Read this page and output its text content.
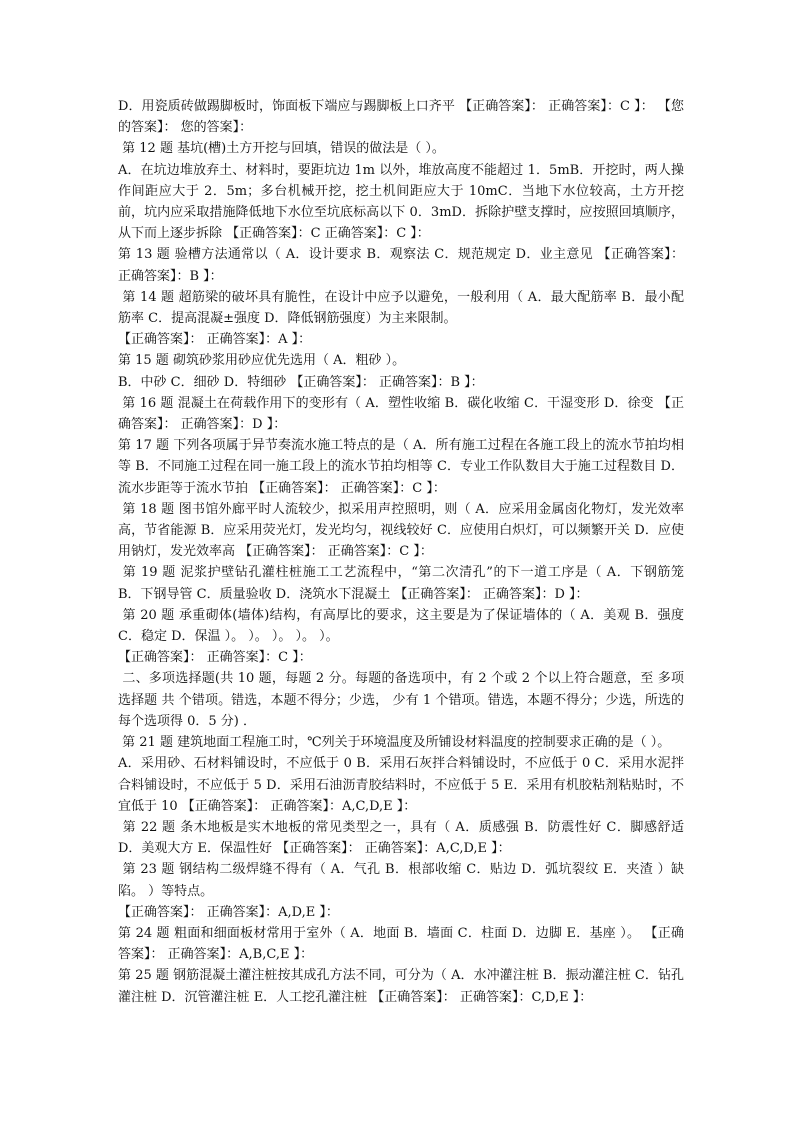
D．用瓷质砖做踢脚板时，饰面板下端应与踢脚板上口齐平 【正确答案】： 正确答案】：C 】： 【您的答案】： 您的答案】：

第 12 题 基坑(槽)土方开挖与回填，错误的做法是（ ）。

A．在坑边堆放弃土、材料时，要距坑边 1m 以外，堆放高度不能超过 1．5mB．开挖时，两人操作间距应大于 2．5m；多台机械开挖，挖土机间距应大于 10mC．当地下水位较高，土方开挖前，坑内应采取措施降低地下水位至坑底标高以下 0．3mD．拆除护壁支撑时，应按照回填顺序，从下而上逐步拆除 【正确答案】：C 正确答案】：C 】：

第 13 题 验槽方法通常以（ A．设计要求 B．观察法 C．规范规定 D．业主意见 【正确答案】： 正确答案】：B 】：

第 14 题 超筋梁的破坏具有脆性，在设计中应予以避免，一般利用（ A．最大配筋率 B．最小配筋率 C．提高混凝±强度 D．降低钢筋强度）为主来限制。

【正确答案】： 正确答案】：A 】：

第 15 题 砌筑砂浆用砂应优先选用（ A．粗砂 ）。

B．中砂 C．细砂 D．特细砂 【正确答案】： 正确答案】：B 】：

第 16 题 混凝土在荷载作用下的变形有（ A．塑性收缩 B．碳化收缩 C．干湿变形 D．徐变 【正确答案】： 正确答案】：D 】：

第 17 题 下列各项属于异节奏流水施工特点的是（ A．所有施工过程在各施工段上的流水节拍均相等 B．不同施工过程在同一施工段上的流水节拍均相等 C．专业工作队数目大于施工过程数目 D．流水步距等于流水节拍 【正确答案】： 正确答案】：C 】：

第 18 题 图书馆外廊平时人流较少，拟采用声控照明，则（ A．应采用金属卤化物灯，发光效率高，节省能源 B．应采用荧光灯，发光均匀，视线较好 C．应使用白炽灯，可以频繁开关 D．应使用钠灯，发光效率高 【正确答案】： 正确答案】：C 】：

第 19 题 泥浆护壁钻孔灌柱桩施工工艺流程中，“第二次清孔”的下一道工序是（ A．下钢筋笼 B．下钢导管 C．质量验收 D．浇筑水下混凝土 【正确答案】： 正确答案】：D 】：

第 20 题 承重砌体(墙体)结构，有高厚比的要求，这主要是为了保证墙体的（ A．美观 B．强度 C．稳定 D．保温 ）。 ）。 ）。 ）。 ）。

【正确答案】： 正确答案】：C 】：

二、多项选择题(共 10 题，每题 2 分。每题的备选项中，有 2 个或 2 个以上符合题意，至 多项选择题 共 个错项。错选，本题不得分；少选， 少有 1 个错项。错选，本题不得分；少选，所选的每个选项得 0．5 分) ．

第 21 题 建筑地面工程施工时，℃列关于环境温度及所铺设材料温度的控制要求正确的是（ ）。

A．采用砂、石材料铺设时，不应低于 0 B．采用石灰拌合料铺设时，不应低于 0 C．采用水泥拌合料铺设时，不应低于 5 D．采用石油沥青胶结料时，不应低于 5 E．采用有机胶粘剂粘贴时，不宜低于 10 【正确答案】： 正确答案】：A,C,D,E 】：

第 22 题 条木地板是实木地板的常见类型之一，具有（ A．质感强 B．防震性好 C．脚感舒适 D．美观大方 E．保温性好 【正确答案】： 正确答案】：A,C,D,E 】：

第 23 题 钢结构二级焊缝不得有（ A．气孔 B．根部收缩 C．贴边 D．弧坑裂纹 E．夹渣 ）缺陷。 ）等特点。

【正确答案】： 正确答案】：A,D,E 】：

第 24 题 粗面和细面板材常用于室外（ A．地面 B．墙面 C．柱面 D．边脚 E．基座 ）。 【正确答案】： 正确答案】：A,B,C,E 】：

第 25 题 钢筋混凝土灌注桩按其成孔方法不同，可分为（ A．水冲灌注桩 B．振动灌注桩 C．钻孔灌注桩 D．沉管灌注桩 E．人工挖孔灌注桩 【正确答案】： 正确答案】：C,D,E 】：
